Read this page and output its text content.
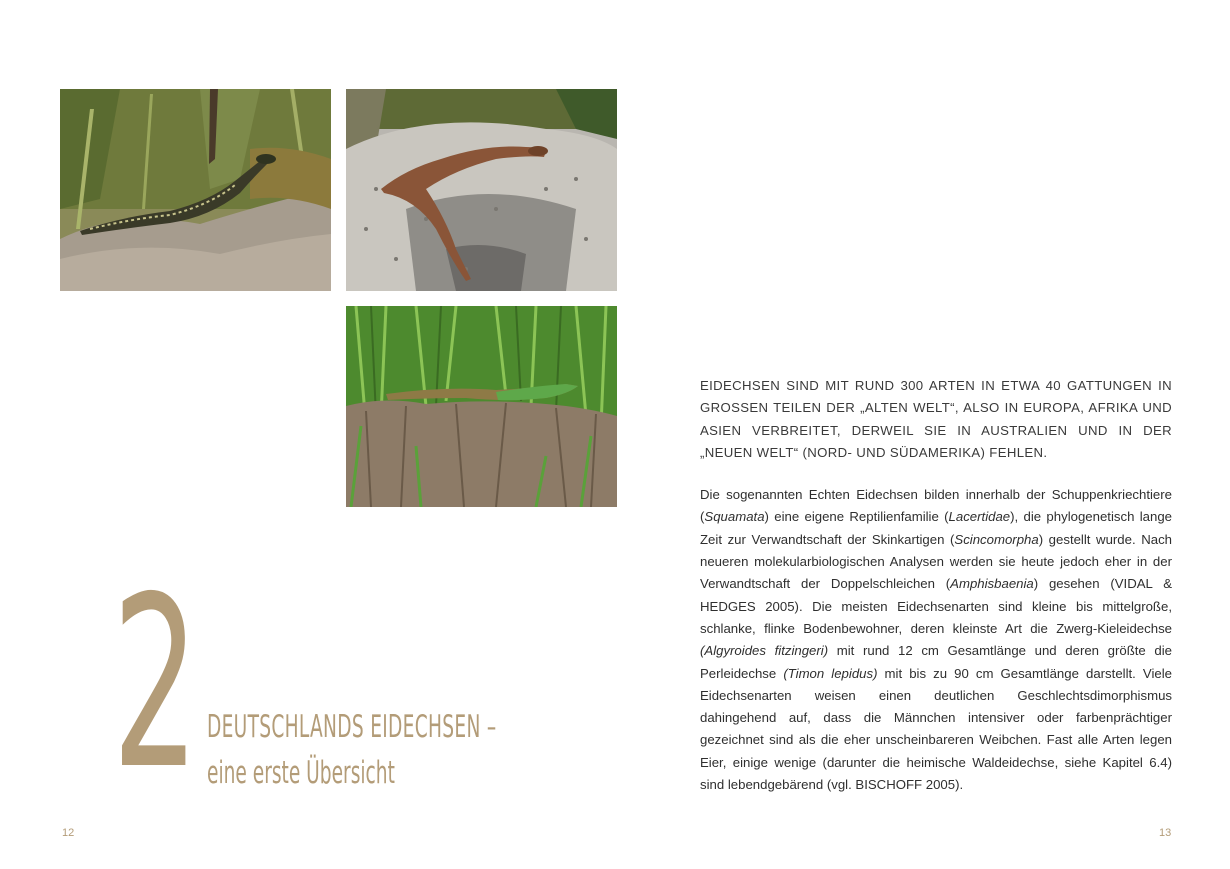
2 DEUTSCHLANDS EIDECHSEN –
eine erste Übersicht

EIDECHSEN SIND MIT RUND 300 ARTEN IN ETWA 40 GATTUNGEN IN GROSSEN TEILEN DER „ALTEN WELT“, ALSO IN EUROPA, AFRIKA UND ASIEN VERBREITET, DERWEIL SIE IN AUSTRALIEN UND IN DER „NEUEN WELT“ (NORD- UND SÜDAMERIKA) FEHLEN.

Die sogenannten Echten Eidechsen bilden innerhalb der Schuppenkriechtiere (Squamata) eine eigene Reptilienfamilie (Lacertidae), die phylogenetisch lange Zeit zur Verwandtschaft der Skinkartigen (Scincomorpha) gestellt wurde. Nach neueren molekularbiologischen Analysen werden sie heute jedoch eher in der Verwandtschaft der Doppelschleichen (Amphisbaenia) gesehen (VIDAL & HEDGES 2005). Die meisten Eidechsenarten sind kleine bis mittelgroße, schlanke, flinke Bodenbewohner, deren kleinste Art die Zwerg-Kieleidechse (Algyroides fitzingeri) mit rund 12 cm Gesamtlänge und deren größte die Perleidechse (Timon lepidus) mit bis zu 90 cm Gesamtlänge darstellt. Viele Eidechsenarten weisen einen deutlichen Geschlechtsdimorphismus dahingehend auf, dass die Männchen intensiver oder farbenprächtiger gezeichnet sind als die eher unscheinbareren Weibchen. Fast alle Arten legen Eier, einige wenige (darunter die heimische Waldeidechse, siehe Kapitel 6.4) sind lebendgebärend (vgl. BISCHOFF 2005).

12	13
